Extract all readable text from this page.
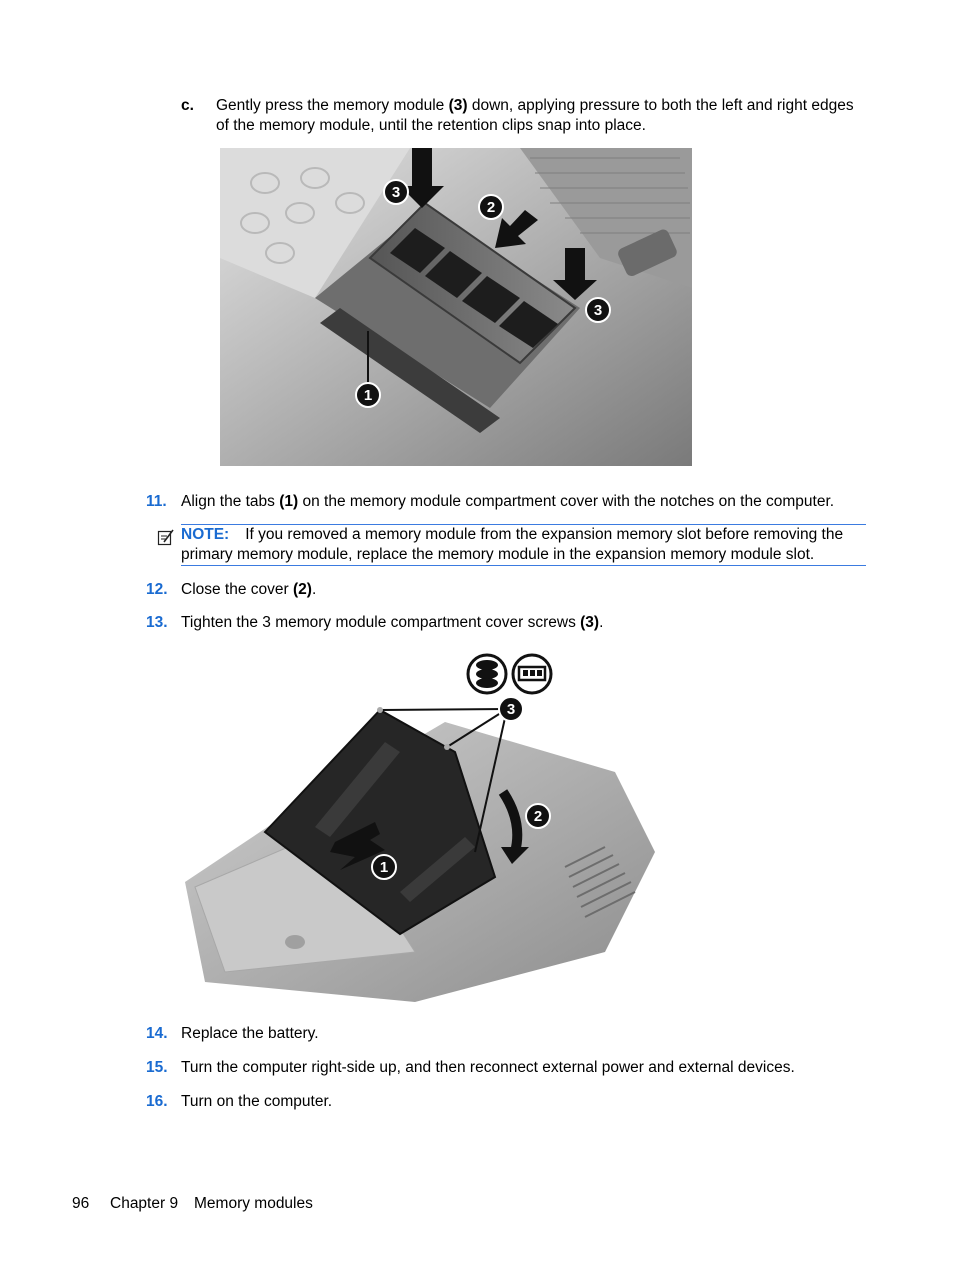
c. Gently press the memory module (3) down, applying pressure to both the left and right edges
of the memory module, until the retention clips snap into place.
3
2
3
1
11. Align the tabs (1) on the memory module compartment cover with the notches on the computer.
NOTE: If you removed a memory module from the expansion memory slot before removing the
primary memory module, replace the memory module in the expansion memory module slot.
12. Close the cover (2).
13. Tighten the 3 memory module compartment cover screws (3).
3
2
1
14. Replace the battery.
15. Turn the computer right-side up, and then reconnect external power and external devices.
16. Turn on the computer.
96 Chapter 9 Memory modules
